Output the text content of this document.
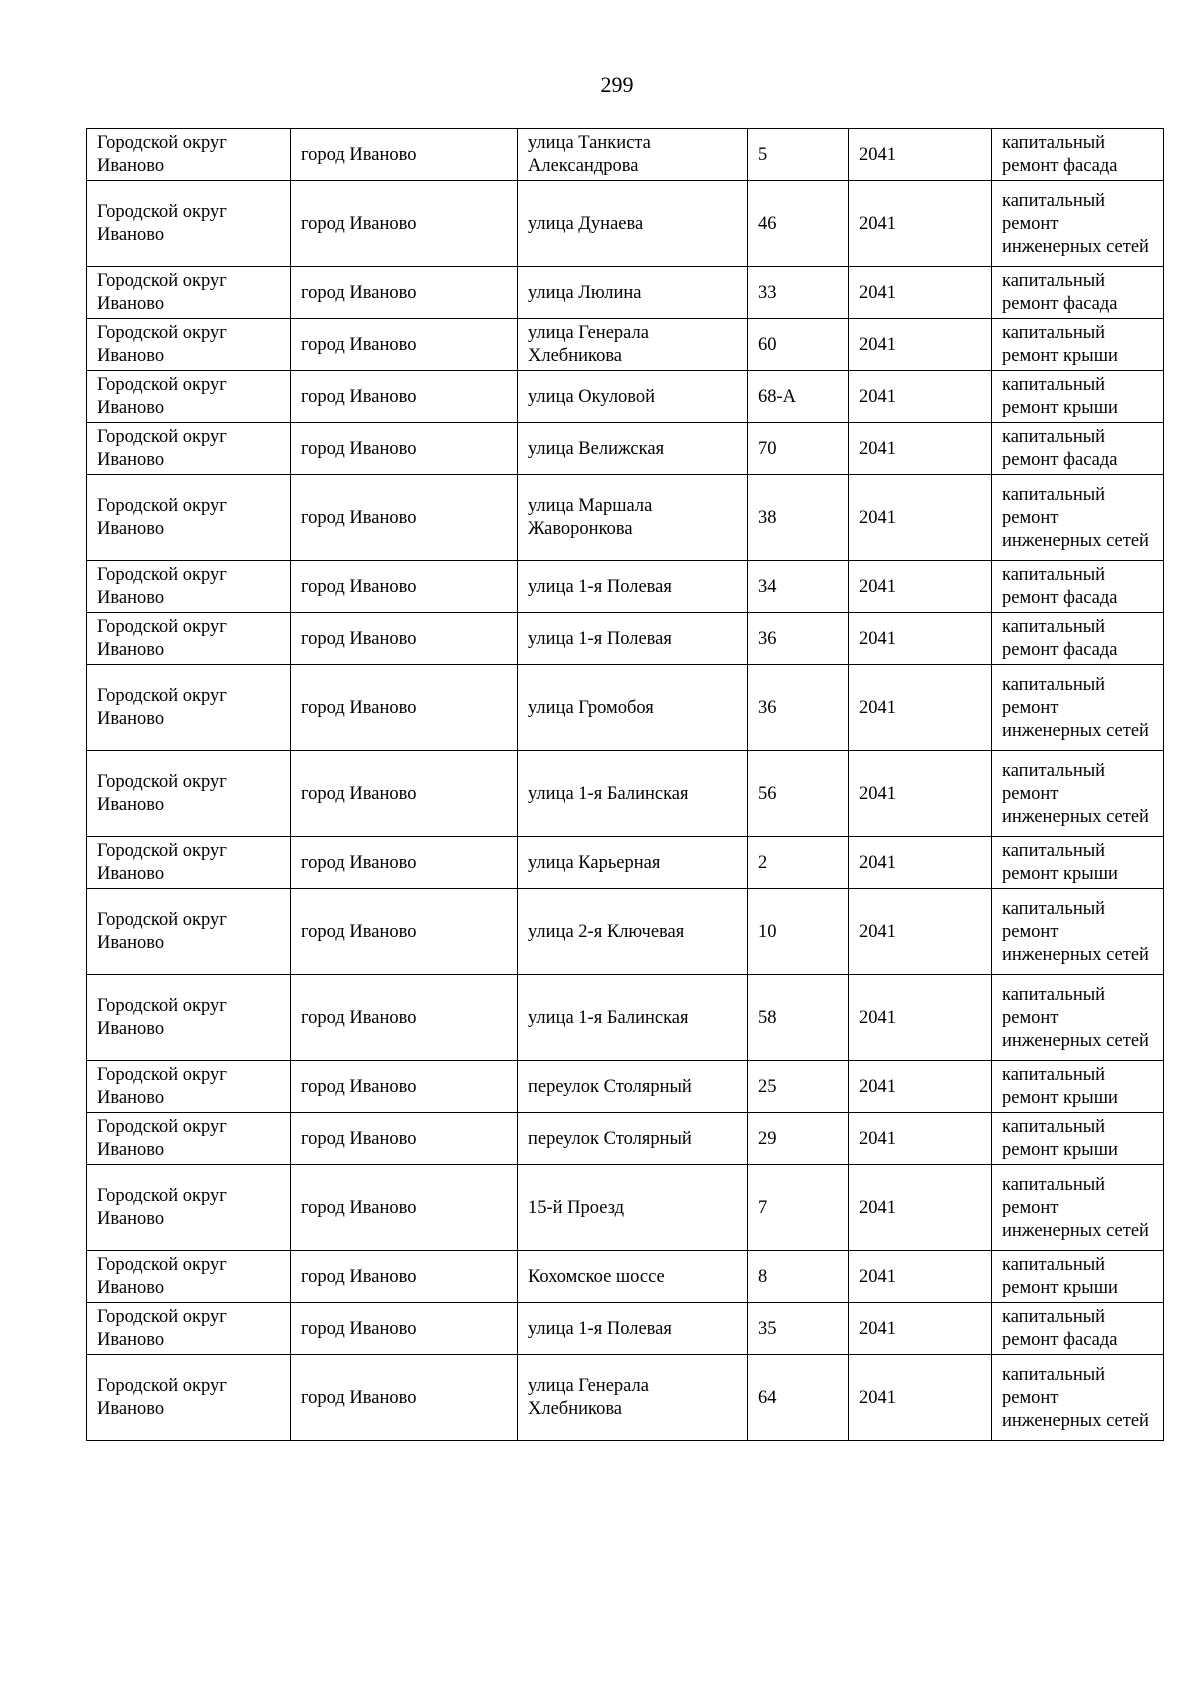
299
Городской округ Иваново	город Иваново	улица Танкиста Александрова	5	2041	капитальный ремонт фасада

Городской округ Иваново	город Иваново	улица Дунаева	46	2041	капитальный ремонт инженерных сетей

Городской округ Иваново	город Иваново	улица Люлина	33	2041	капитальный ремонт фасада

Городской округ Иваново	город Иваново	улица Генерала Хлебникова	60	2041	капитальный ремонт крыши

Городской округ Иваново	город Иваново	улица Окуловой	68-А	2041	капитальный ремонт крыши

Городской округ Иваново	город Иваново	улица Велижская	70	2041	капитальный ремонт фасада

Городской округ Иваново	город Иваново	улица Маршала Жаворонкова	38	2041	капитальный ремонт инженерных сетей

Городской округ Иваново	город Иваново	улица 1-я Полевая	34	2041	капитальный ремонт фасада

Городской округ Иваново	город Иваново	улица 1-я Полевая	36	2041	капитальный ремонт фасада

Городской округ Иваново	город Иваново	улица Громобоя	36	2041	капитальный ремонт инженерных сетей

Городской округ Иваново	город Иваново	улица 1-я Балинская	56	2041	капитальный ремонт инженерных сетей

Городской округ Иваново	город Иваново	улица Карьерная	2	2041	капитальный ремонт крыши

Городской округ Иваново	город Иваново	улица 2-я Ключевая	10	2041	капитальный ремонт инженерных сетей

Городской округ Иваново	город Иваново	улица 1-я Балинская	58	2041	капитальный ремонт инженерных сетей

Городской округ Иваново	город Иваново	переулок Столярный	25	2041	капитальный ремонт крыши

Городской округ Иваново	город Иваново	переулок Столярный	29	2041	капитальный ремонт крыши

Городской округ Иваново	город Иваново	15-й Проезд	7	2041	капитальный ремонт инженерных сетей

Городской округ Иваново	город Иваново	Кохомское шоссе	8	2041	капитальный ремонт крыши

Городской округ Иваново	город Иваново	улица 1-я Полевая	35	2041	капитальный ремонт фасада

Городской округ Иваново	город Иваново	улица Генерала Хлебникова	64	2041	капитальный ремонт инженерных сетей
